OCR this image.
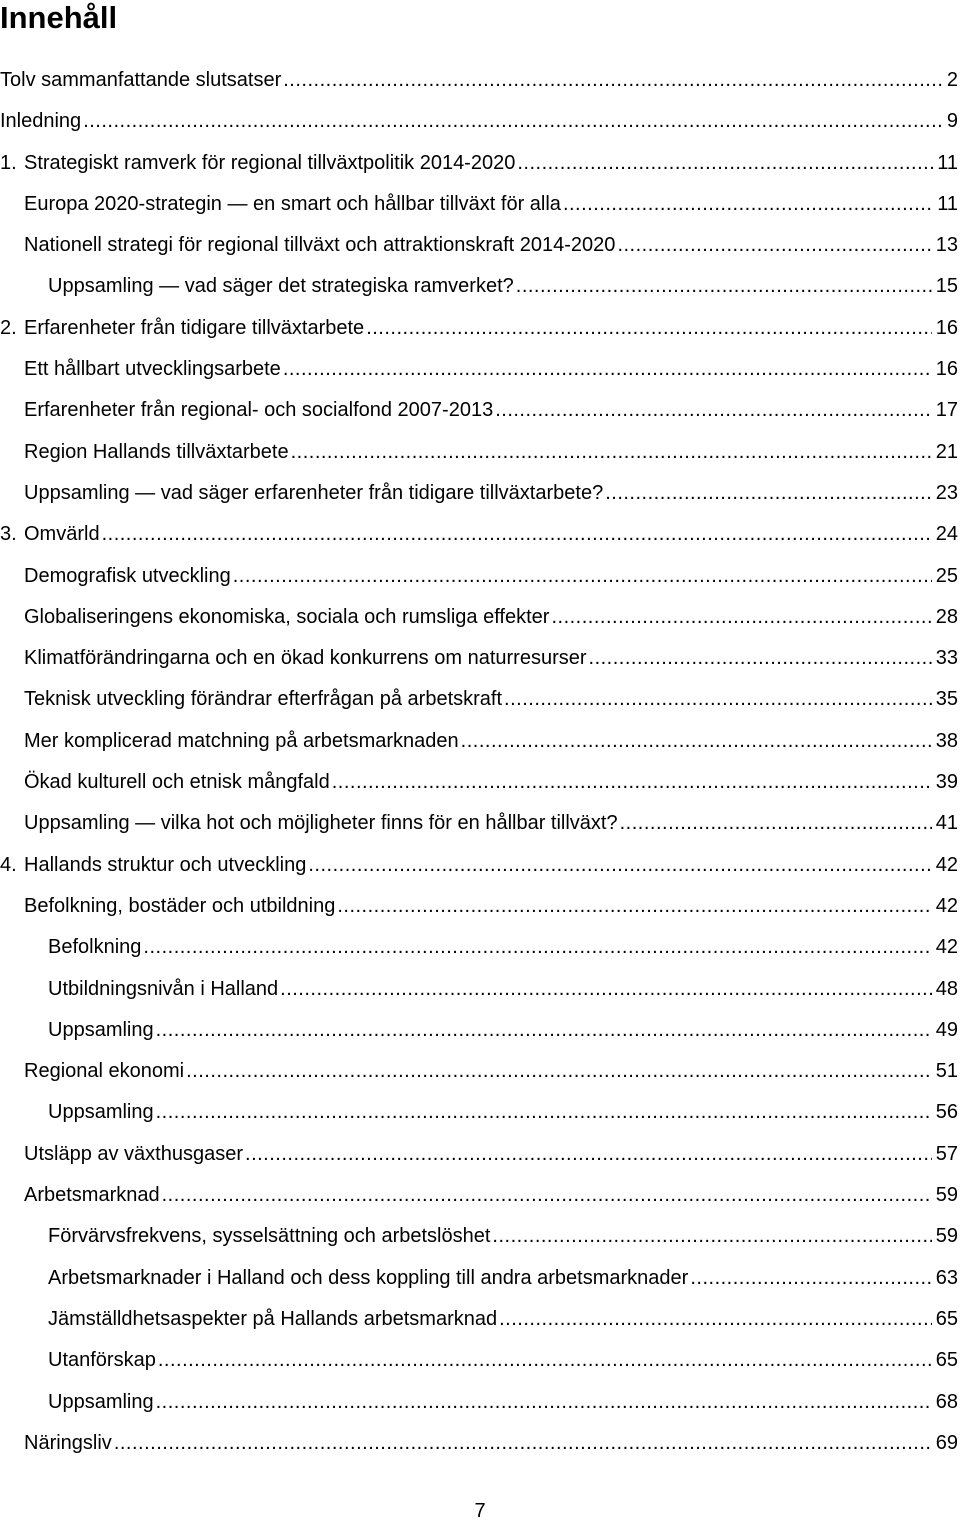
Innehåll
Tolv sammanfattande slutsatser .....	2
Inledning .....	9
1. Strategiskt ramverk för regional tillväxtpolitik 2014-2020 .....	11
Europa 2020-strategin — en smart och hållbar tillväxt för alla .....	11
Nationell strategi för regional tillväxt och attraktionskraft 2014-2020 .....	13
Uppsamling — vad säger det strategiska ramverket? .....	15
2. Erfarenheter från tidigare tillväxtarbete .....	16
Ett hållbart utvecklingsarbete .....	16
Erfarenheter från regional- och socialfond 2007-2013 .....	17
Region Hallands tillväxtarbete .....	21
Uppsamling — vad säger erfarenheter från tidigare tillväxtarbete? .....	23
3. Omvärld .....	24
Demografisk utveckling .....	25
Globaliseringens ekonomiska, sociala och rumsliga effekter .....	28
Klimatförändringarna och en ökad konkurrens om naturresurser .....	33
Teknisk utveckling förändrar efterfrågan på arbetskraft .....	35
Mer komplicerad matchning på arbetsmarknaden .....	38
Ökad kulturell och etnisk mångfald .....	39
Uppsamling — vilka hot och möjligheter finns för en hållbar tillväxt? .....	41
4. Hallands struktur och utveckling .....	42
Befolkning, bostäder och utbildning .....	42
Befolkning .....	42
Utbildningsnivån i Halland .....	48
Uppsamling .....	49
Regional ekonomi .....	51
Uppsamling .....	56
Utsläpp av växthusgaser .....	57
Arbetsmarknad .....	59
Förvärvsfrekvens, sysselsättning och arbetslöshet .....	59
Arbetsmarknader i Halland och dess koppling till andra arbetsmarknader .....	63
Jämställdhetsaspekter på Hallands arbetsmarknad .....	65
Utanförskap .....	65
Uppsamling .....	68
Näringsliv .....	69
7
